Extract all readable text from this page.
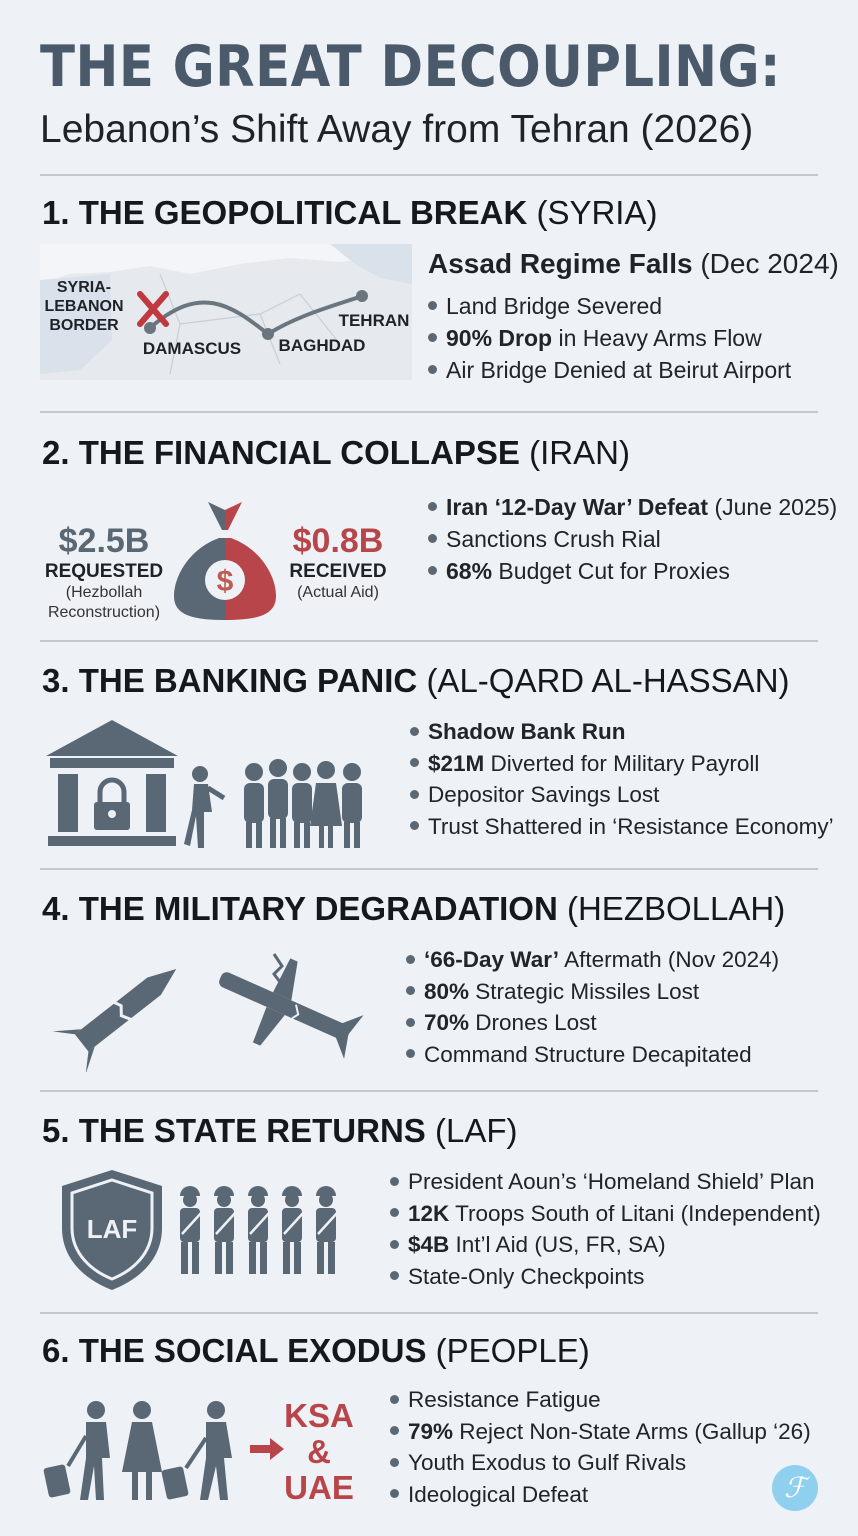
THE GREAT DECOUPLING:
Lebanon’s Shift Away from Tehran (2026)
1. THE GEOPOLITICAL BREAK (SYRIA)
SYRIA-
LEBANON
BORDER
DAMASCUS BAGHDAD
TEHRAN
Assad Regime Falls (Dec 2024)
Land Bridge Severed
90% Drop in Heavy Arms Flow
Air Bridge Denied at Beirut Airport
2. THE FINANCIAL COLLAPSE (IRAN)
$2.5B
REQUESTED
(Hezbollah
Reconstruction)
$
$0.8B
RECEIVED
(Actual Aid)
Iran ‘12-Day War’ Defeat (June 2025)
Sanctions Crush Rial
68% Budget Cut for Proxies
3. THE BANKING PANIC (AL-QARD AL-HASSAN)
Shadow Bank Run
$21M Diverted for Military Payroll
Depositor Savings Lost
Trust Shattered in ‘Resistance Economy’
4. THE MILITARY DEGRADATION (HEZBOLLAH)
‘66-Day War’ Aftermath (Nov 2024)
80% Strategic Missiles Lost
70% Drones Lost
Command Structure Decapitated
5. THE STATE RETURNS (LAF)
LAF
President Aoun’s ‘Homeland Shield’ Plan
12K Troops South of Litani (Independent)
$4B Int’l Aid (US, FR, SA)
State-Only Checkpoints
6. THE SOCIAL EXODUS (PEOPLE)
KSA
&
UAE
Resistance Fatigue
79% Reject Non-State Arms (Gallup ‘26)
Youth Exodus to Gulf Rivals
Ideological Defeat	ℱ
